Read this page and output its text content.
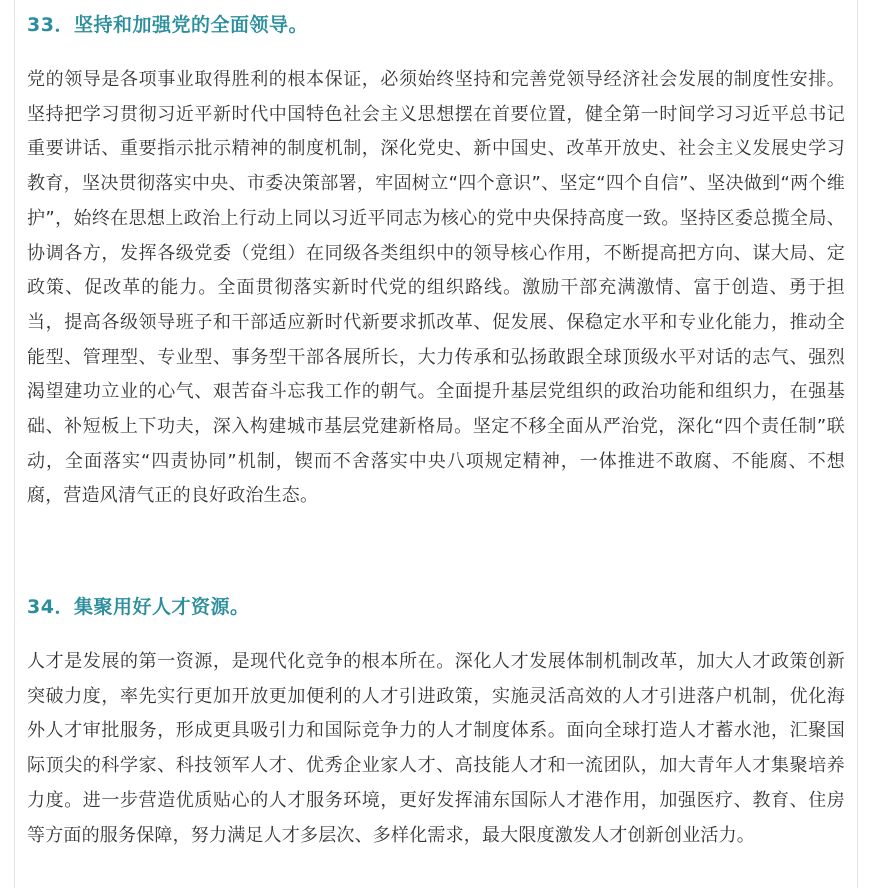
33．坚持和加强党的全面领导。

党的领导是各项事业取得胜利的根本保证，必须始终坚持和完善党领导经济社会发展的制度性安排。坚持把学习贯彻习近平新时代中国特色社会主义思想摆在首要位置，健全第一时间学习习近平总书记重要讲话、重要指示批示精神的制度机制，深化党史、新中国史、改革开放史、社会主义发展史学习教育，坚决贯彻落实中央、市委决策部署，牢固树立“四个意识”、坚定“四个自信”、坚决做到“两个维护”，始终在思想上政治上行动上同以习近平同志为核心的党中央保持高度一致。坚持区委总揽全局、协调各方，发挥各级党委（党组）在同级各类组织中的领导核心作用，不断提高把方向、谋大局、定政策、促改革的能力。全面贯彻落实新时代党的组织路线。激励干部充满激情、富于创造、勇于担当，提高各级领导班子和干部适应新时代新要求抓改革、促发展、保稳定水平和专业化能力，推动全能型、管理型、专业型、事务型干部各展所长，大力传承和弘扬敢跟全球顶级水平对话的志气、强烈渴望建功立业的心气、艰苦奋斗忘我工作的朝气。全面提升基层党组织的政治功能和组织力，在强基础、补短板上下功夫，深入构建城市基层党建新格局。坚定不移全面从严治党，深化“四个责任制”联动，全面落实“四责协同”机制，锲而不舍落实中央八项规定精神，一体推进不敢腐、不能腐、不想腐，营造风清气正的良好政治生态。

34．集聚用好人才资源。

人才是发展的第一资源，是现代化竞争的根本所在。深化人才发展体制机制改革，加大人才政策创新突破力度，率先实行更加开放更加便利的人才引进政策，实施灵活高效的人才引进落户机制，优化海外人才审批服务，形成更具吸引力和国际竞争力的人才制度体系。面向全球打造人才蓄水池，汇聚国际顶尖的科学家、科技领军人才、优秀企业家人才、高技能人才和一流团队，加大青年人才集聚培养力度。进一步营造优质贴心的人才服务环境，更好发挥浦东国际人才港作用，加强医疗、教育、住房等方面的服务保障，努力满足人才多层次、多样化需求，最大限度激发人才创新创业活力。
